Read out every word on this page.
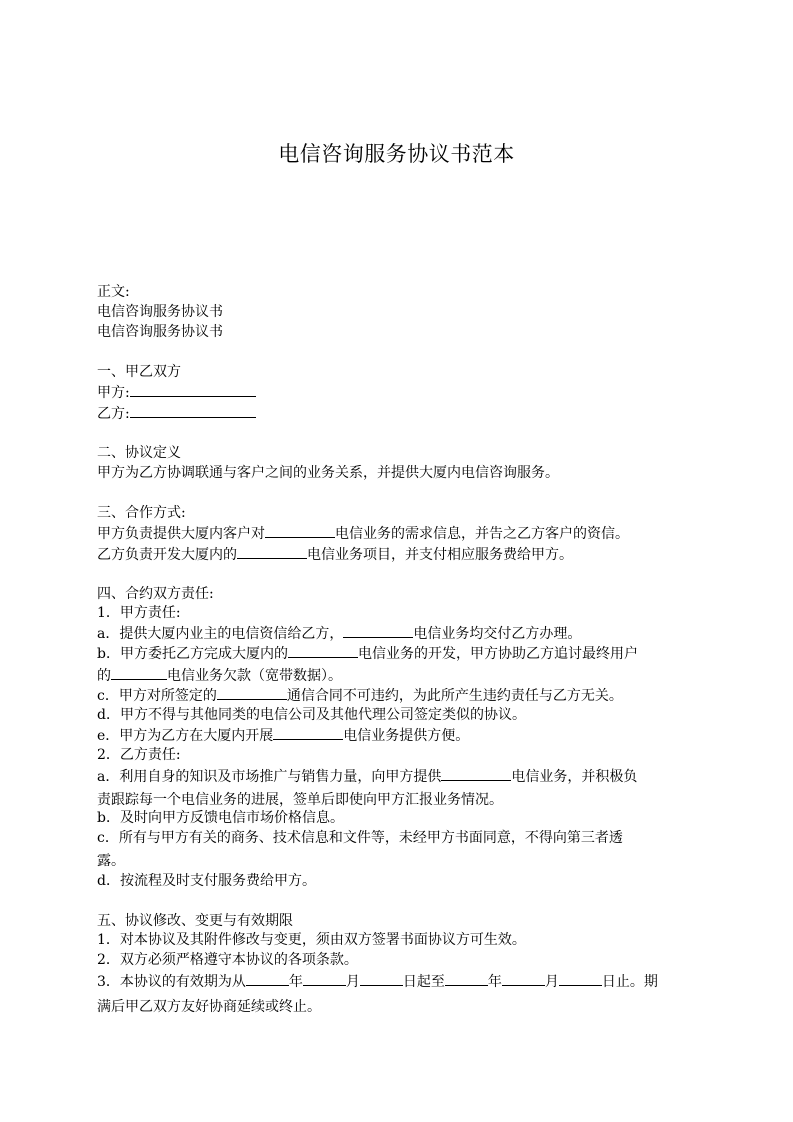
电信咨询服务协议书范本
正文:
电信咨询服务协议书
电信咨询服务协议书
一、甲乙双方
甲方:
乙方:
二、协议定义
甲方为乙方协调联通与客户之间的业务关系，并提供大厦内电信咨询服务。
三、合作方式:
甲方负责提供大厦内客户对	电信业务的需求信息，并告之乙方客户的资信。
乙方负责开发大厦内的	电信业务项目，并支付相应服务费给甲方。
四、合约双方责任:
1．甲方责任:
a．提供大厦内业主的电信资信给乙方，	电信业务均交付乙方办理。
b．甲方委托乙方完成大厦内的	电信业务的开发，甲方协助乙方追讨最终用户
的	电信业务欠款（宽带数据）。
c．甲方对所签定的	通信合同不可违约，为此所产生违约责任与乙方无关。
d．甲方不得与其他同类的电信公司及其他代理公司签定类似的协议。
e．甲方为乙方在大厦内开展	电信业务提供方便。
2．乙方责任:
a．利用自身的知识及市场推广与销售力量，向甲方提供	电信业务，并积极负
责跟踪每一个电信业务的进展，签单后即使向甲方汇报业务情况。
b．及时向甲方反馈电信市场价格信息。
c．所有与甲方有关的商务、技术信息和文件等，未经甲方书面同意，不得向第三者透
露。
d．按流程及时支付服务费给甲方。
五、协议修改、变更与有效期限
1．对本协议及其附件修改与变更，须由双方签署书面协议方可生效。
2．双方必须严格遵守本协议的各项条款。
3．本协议的有效期为从	年	月	日起至	年	月	日止。期
满后甲乙双方友好协商延续或终止。
